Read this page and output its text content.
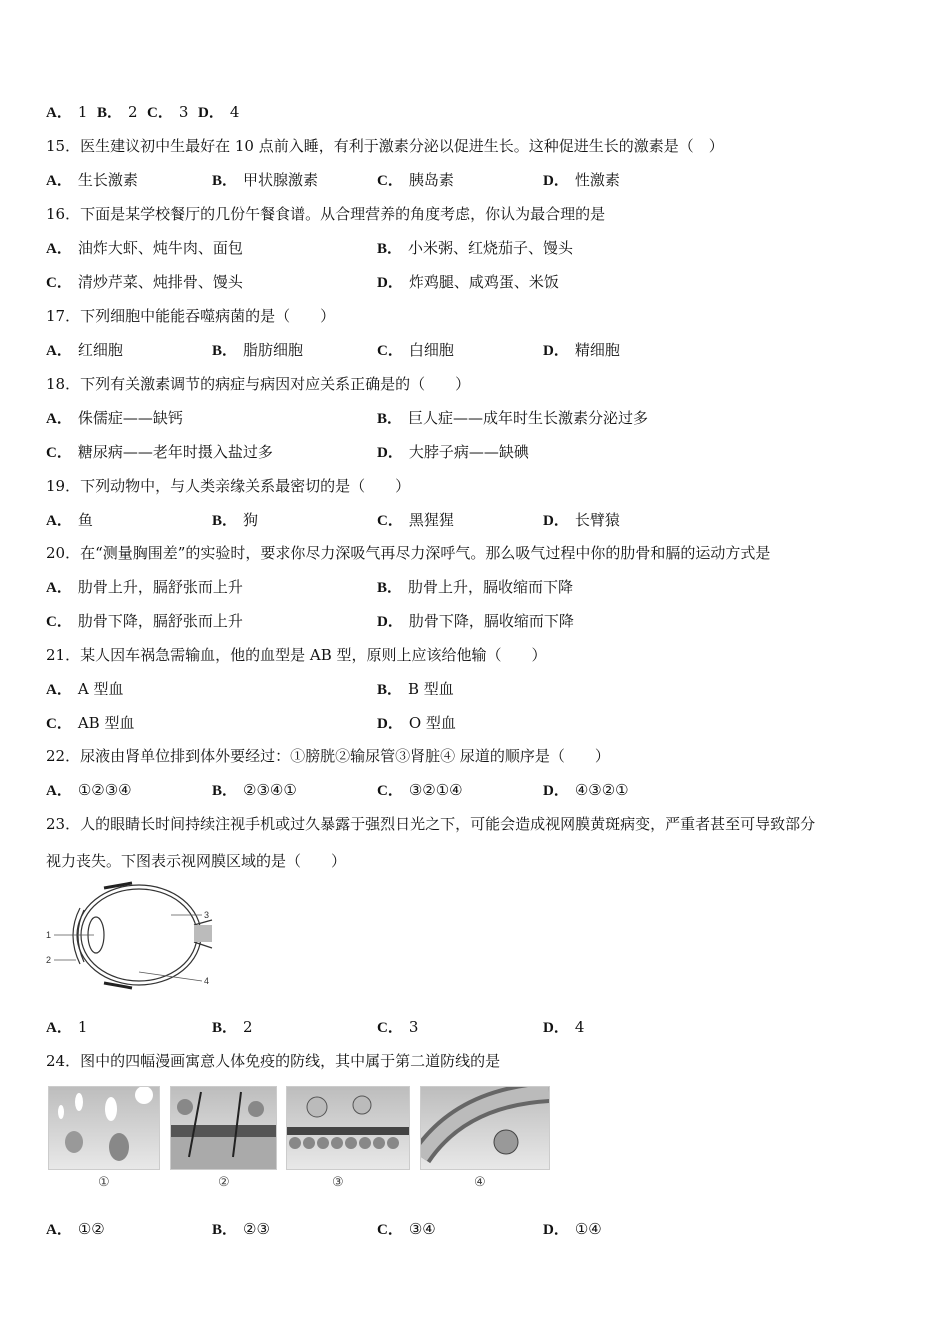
A． 1 B． 2 C． 3 D． 4
15．医生建议初中生最好在 10 点前入睡，有利于激素分泌以促进生长。这种促进生长的激素是（　）
A． 生长激素	B． 甲状腺激素	C． 胰岛素	D． 性激素
16．下面是某学校餐厅的几份午餐食谱。从合理营养的角度考虑，你认为最合理的是
A． 油炸大虾、炖牛肉、面包	B． 小米粥、红烧茄子、馒头
C． 清炒芹菜、炖排骨、馒头	D． 炸鸡腿、咸鸡蛋、米饭
17．下列细胞中能能吞噬病菌的是（　　）
A． 红细胞	B． 脂肪细胞	C． 白细胞	D． 精细胞
18．下列有关激素调节的病症与病因对应关系正确是的（　　）
A． 侏儒症——缺钙	B． 巨人症——成年时生长激素分泌过多
C． 糖尿病——老年时摄入盐过多	D． 大脖子病——缺碘
19．下列动物中，与人类亲缘关系最密切的是（　　）
A． 鱼	B． 狗	C． 黑猩猩	D． 长臂猿
20．在“测量胸围差”的实验时，要求你尽力深吸气再尽力深呼气。那么吸气过程中你的肋骨和膈的运动方式是
A． 肋骨上升，膈舒张而上升	B． 肋骨上升，膈收缩而下降
C． 肋骨下降，膈舒张而上升	D． 肋骨下降，膈收缩而下降
21．某人因车祸急需输血，他的血型是 AB 型，原则上应该给他输（　　）
A． A 型血	B． B 型血
C． AB 型血	D． O 型血
22．尿液由肾单位排到体外要经过：①膀胱②输尿管③肾脏④ 尿道的顺序是（　　）
A． ①②③④	B． ②③④①	C． ③②①④	D． ④③②①
23．人的眼睛长时间持续注视手机或过久暴露于强烈日光之下，可能会造成视网膜黄斑病变，严重者甚至可导致部分
视力丧失。下图表示视网膜区域的是（　　）
1
2
3
4
A． 1	B． 2	C． 3	D． 4
24．图中的四幅漫画寓意人体免疫的防线，其中属于第二道防线的是
①	②	③	④
A． ①②	B． ②③	C． ③④	D． ①④
